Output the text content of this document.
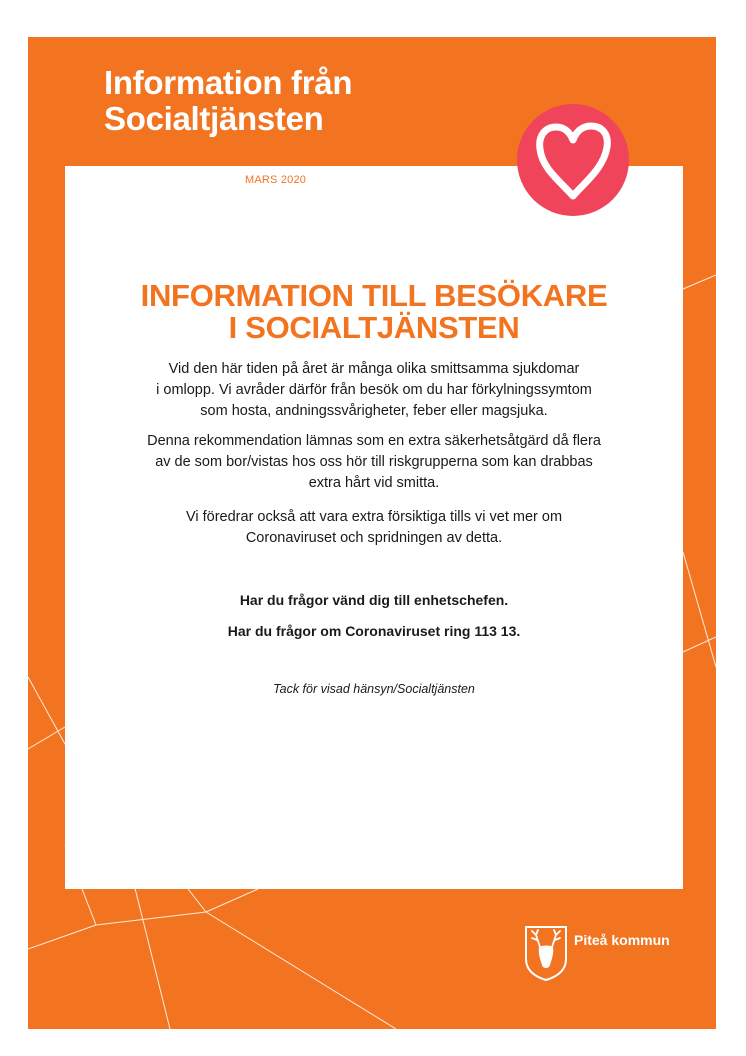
Information från
Socialtjänsten
MARS 2020
INFORMATION TILL BESÖKARE
I SOCIALTJÄNSTEN

Vid den här tiden på året är många olika smittsamma sjukdomar
i omlopp. Vi avråder därför från besök om du har förkylningssymtom
som hosta, andningssvårigheter, feber eller magsjuka.

Denna rekommendation lämnas som en extra säkerhetsåtgärd då flera
av de som bor/vistas hos oss hör till riskgrupperna som kan drabbas
extra hårt vid smitta.

Vi föredrar också att vara extra försiktiga tills vi vet mer om
Coronaviruset och spridningen av detta.

Har du frågor vänd dig till enhetschefen.

Har du frågor om Coronaviruset ring 113 13.

Tack för visad hänsyn/Socialtjänsten

Piteå kommun
